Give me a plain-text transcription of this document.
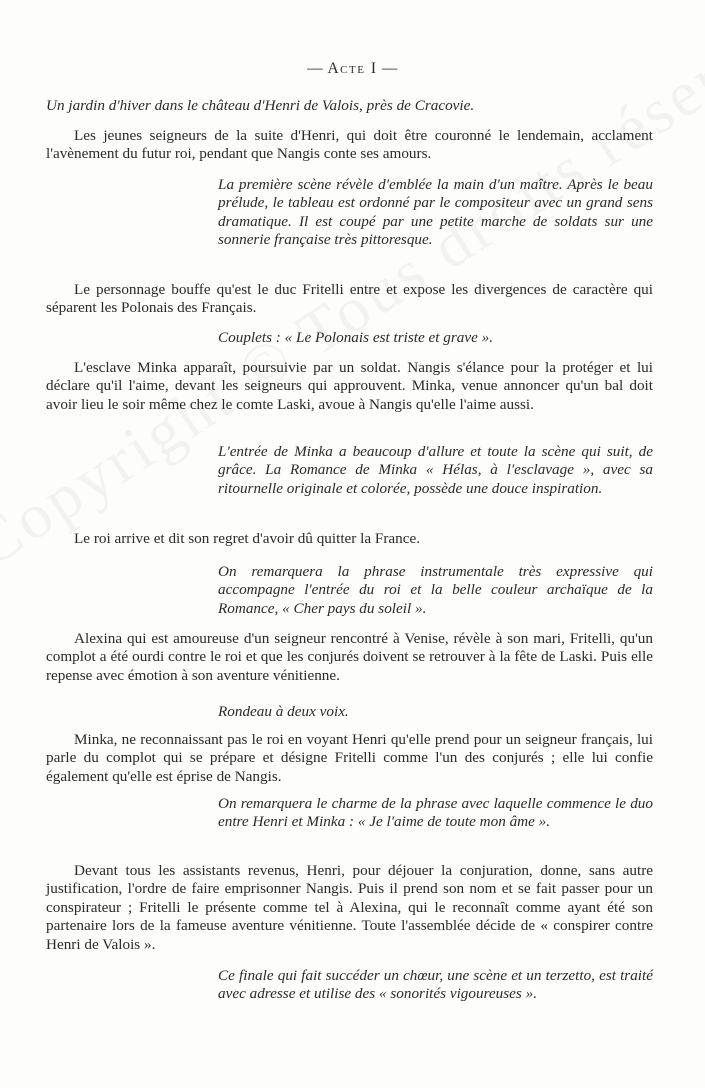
— Acte I —

Un jardin d'hiver dans le château d'Henri de Valois, près de Cracovie.

Les jeunes seigneurs de la suite d'Henri, qui doit être couronné le lendemain, acclament l'avènement du futur roi, pendant que Nangis conte ses amours.

La première scène révèle d'emblée la main d'un maître. Après le beau prélude, le tableau est ordonné par le compositeur avec un grand sens dramatique. Il est coupé par une petite marche de soldats sur une sonnerie française très pittoresque.

Le personnage bouffe qu'est le duc Fritelli entre et expose les divergences de caractère qui séparent les Polonais des Français.

Couplets : « Le Polonais est triste et grave ».

L'esclave Minka apparaît, poursuivie par un soldat. Nangis s'élance pour la protéger et lui déclare qu'il l'aime, devant les seigneurs qui approuvent. Minka, venue annoncer qu'un bal doit avoir lieu le soir même chez le comte Laski, avoue à Nangis qu'elle l'aime aussi.

L'entrée de Minka a beaucoup d'allure et toute la scène qui suit, de grâce. La Romance de Minka « Hélas, à l'esclavage », avec sa ritournelle originale et colorée, possède une douce inspiration.

Le roi arrive et dit son regret d'avoir dû quitter la France.

On remarquera la phrase instrumentale très expressive qui accompagne l'entrée du roi et la belle couleur archaïque de la Romance, « Cher pays du soleil ».

Alexina qui est amoureuse d'un seigneur rencontré à Venise, révèle à son mari, Fritelli, qu'un complot a été ourdi contre le roi et que les conjurés doivent se retrouver à la fête de Laski. Puis elle repense avec émotion à son aventure vénitienne.

Rondeau à deux voix.

Minka, ne reconnaissant pas le roi en voyant Henri qu'elle prend pour un seigneur français, lui parle du complot qui se prépare et désigne Fritelli comme l'un des conjurés ; elle lui confie également qu'elle est éprise de Nangis.

On remarquera le charme de la phrase avec laquelle commence le duo entre Henri et Minka : « Je l'aime de toute mon âme ».

Devant tous les assistants revenus, Henri, pour déjouer la conjuration, donne, sans autre justification, l'ordre de faire emprisonner Nangis. Puis il prend son nom et se fait passer pour un conspirateur ; Fritelli le présente comme tel à Alexina, qui le reconnaît comme ayant été son partenaire lors de la fameuse aventure vénitienne. Toute l'assemblée décide de « conspirer contre Henri de Valois ».

Ce finale qui fait succéder un chœur, une scène et un terzetto, est traité avec adresse et utilise des « sonorités vigoureuses ».
